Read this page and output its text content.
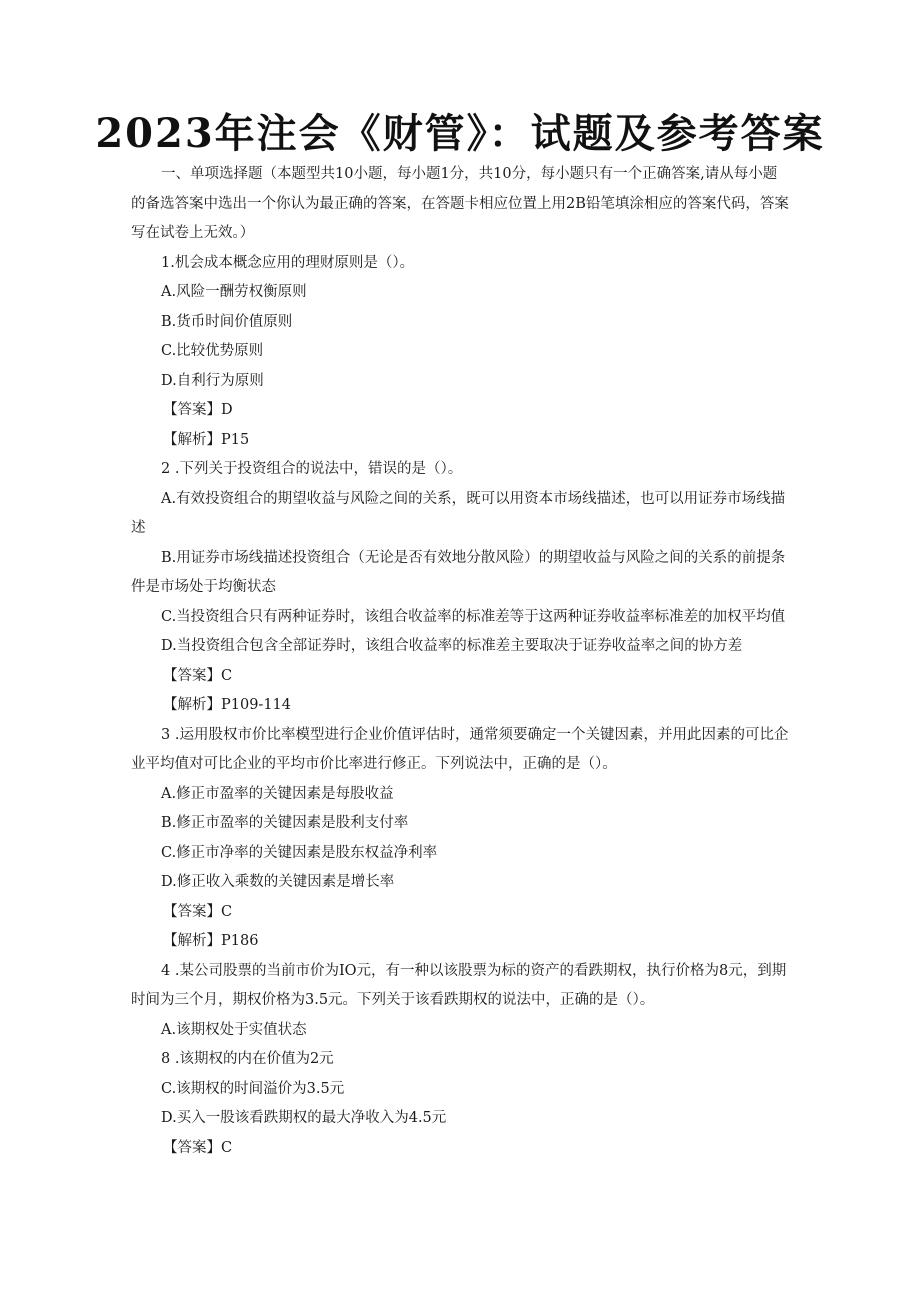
2023年注会《财管》：试题及参考答案

一、单项选择题（本题型共10小题，每小题1分，共10分，每小题只有一个正确答案,请从每小题的备选答案中选出一个你认为最正确的答案，在答题卡相应位置上用2B铅笔填涂相应的答案代码，答案写在试卷上无效。）

1.机会成本概念应用的理财原则是（）。

A.风险一酬劳权衡原则

B.货币时间价值原则

C.比较优势原则

D.自利行为原则

【答案】D

【解析】P15

2 .下列关于投资组合的说法中，错误的是（）。

A.有效投资组合的期望收益与风险之间的关系，既可以用资本市场线描述，也可以用证券市场线描述

B.用证券市场线描述投资组合（无论是否有效地分散风险）的期望收益与风险之间的关系的前提条件是市场处于均衡状态

C.当投资组合只有两种证券时，该组合收益率的标准差等于这两种证券收益率标准差的加权平均值

D.当投资组合包含全部证券时，该组合收益率的标准差主要取决于证券收益率之间的协方差

【答案】C

【解析】P109-114

3 .运用股权市价比率模型进行企业价值评估时，通常须要确定一个关键因素，并用此因素的可比企业平均值对可比企业的平均市价比率进行修正。下列说法中，正确的是（）。

A.修正市盈率的关键因素是每股收益

B.修正市盈率的关键因素是股利支付率

C.修正市净率的关键因素是股东权益净利率

D.修正收入乘数的关键因素是增长率

【答案】C

【解析】P186

4 .某公司股票的当前市价为IO元，有一种以该股票为标的资产的看跌期权，执行价格为8元，到期时间为三个月，期权价格为3.5元。下列关于该看跌期权的说法中，正确的是（）。

A.该期权处于实值状态

8 .该期权的内在价值为2元

C.该期权的时间溢价为3.5元

D.买入一股该看跌期权的最大净收入为4.5元

【答案】C
